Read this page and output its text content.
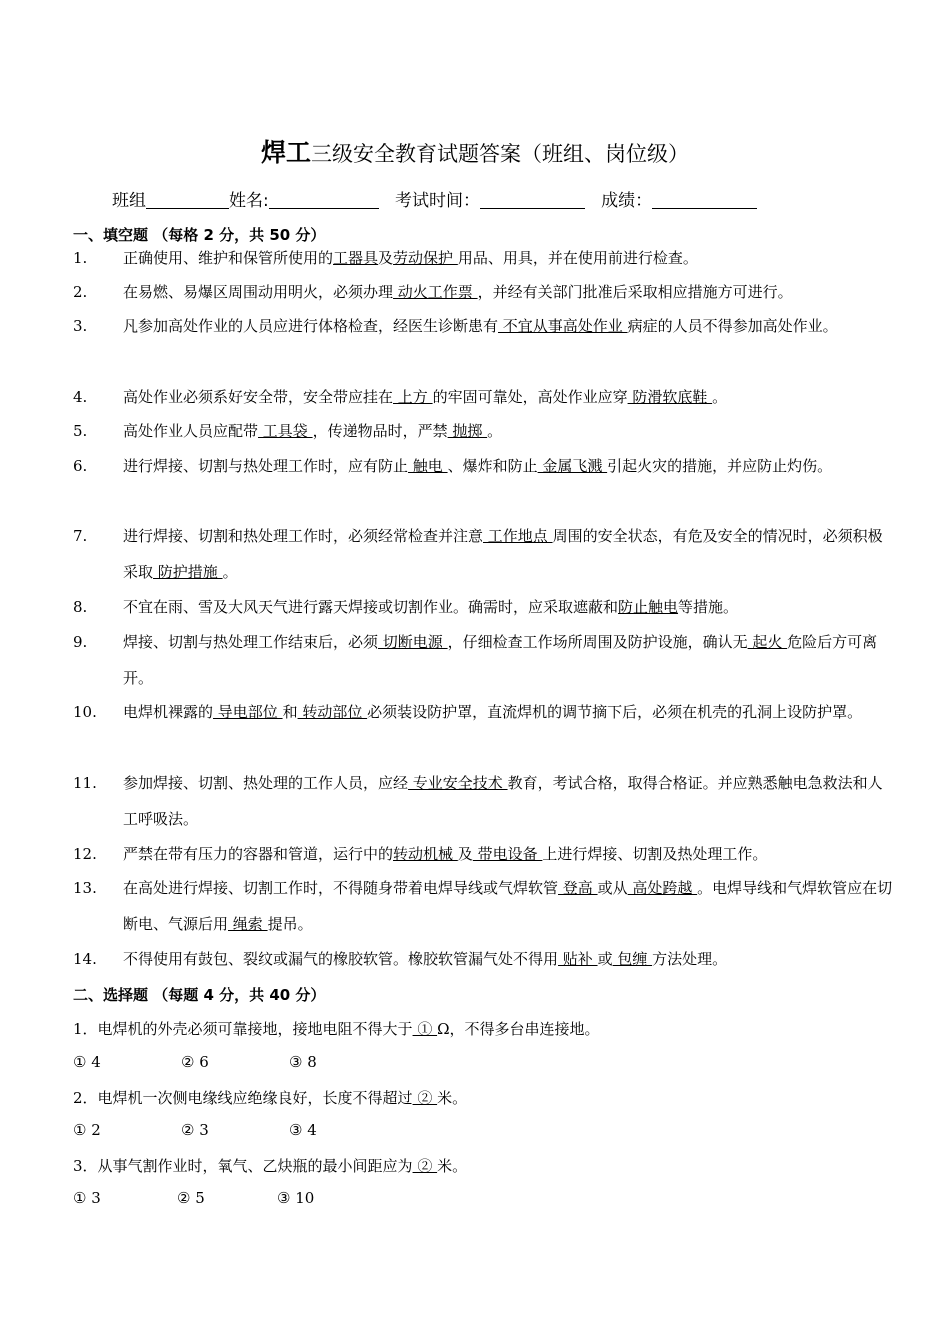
焊工三级安全教育试题答案（班组、岗位级）
班组	姓名:	考试时间：	成绩：
一、填空题 （每格 2 分，共 50 分）
1. 正确使用、维护和保管所使用的工器具及劳动保护 用品、用具，并在使用前进行检查。
2. 在易燃、易爆区周围动用明火，必须办理 动火工作票 ，并经有关部门批准后采取相应措施方可进行。
3. 凡参加高处作业的人员应进行体格检查，经医生诊断患有 不宜从事高处作业 病症的人员不得参加高处作业。
4. 高处作业必须系好安全带，安全带应挂在 上方 的牢固可靠处，高处作业应穿 防滑软底鞋 。
5. 高处作业人员应配带 工具袋 ，传递物品时，严禁 抛掷 。
6. 进行焊接、切割与热处理工作时，应有防止 触电 、爆炸和防止 金属飞溅 引起火灾的措施，并应防止灼伤。
7. 进行焊接、切割和热处理工作时，必须经常检查并注意 工作地点 周围的安全状态，有危及安全的情况时，必须积极采取 防护措施 。
8. 不宜在雨、雪及大风天气进行露天焊接或切割作业。确需时，应采取遮蔽和防止触电等措施。
9. 焊接、切割与热处理工作结束后，必须 切断电源 ，仔细检查工作场所周围及防护设施，确认无 起火 危险后方可离开。
10. 电焊机裸露的 导电部位 和 转动部位 必须装设防护罩，直流焊机的调节摘下后，必须在机壳的孔洞上设防护罩。
11. 参加焊接、切割、热处理的工作人员，应经 专业安全技术 教育，考试合格，取得合格证。并应熟悉触电急救法和人工呼吸法。
12. 严禁在带有压力的容器和管道，运行中的转动机械 及 带电设备 上进行焊接、切割及热处理工作。
13. 在高处进行焊接、切割工作时，不得随身带着电焊导线或气焊软管 登高 或从 高处跨越 。电焊导线和气焊软管应在切断电、气源后用 绳索 提吊。
14. 不得使用有鼓包、裂纹或漏气的橡胶软管。橡胶软管漏气处不得用 贴补 或 包缠 方法处理。
二、选择题 （每题 4 分，共 40 分）
1．电焊机的外壳必须可靠接地，接地电阻不得大于 ① Ω，不得多台串连接地。
① 4	② 6	③ 8
2．电焊机一次侧电缘线应绝缘良好，长度不得超过 ② 米。
① 2	② 3	③ 4
3．从事气割作业时，氧气、乙炔瓶的最小间距应为 ② 米。
① 3	② 5	③ 10
